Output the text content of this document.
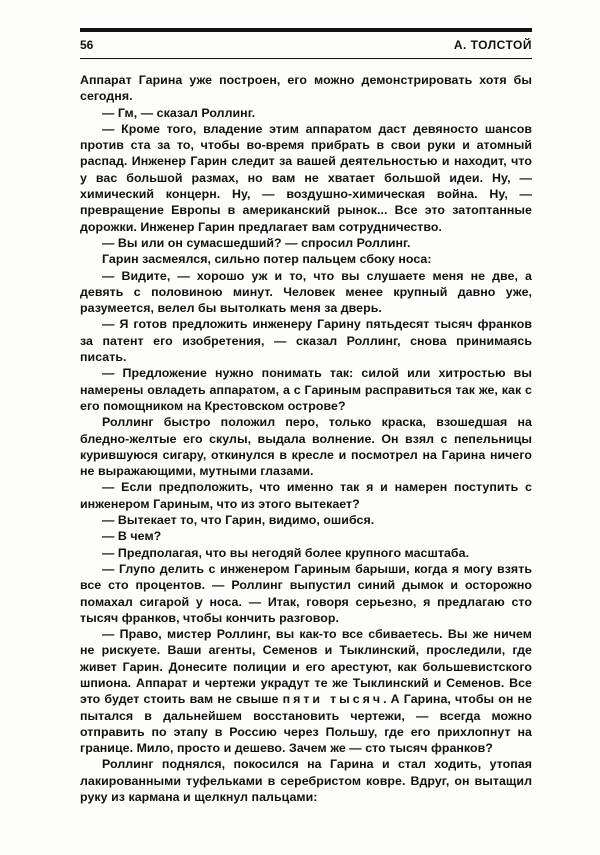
56	А. ТОЛСТОЙ

Аппарат Гарина уже построен, его можно демонстрировать хотя бы сегодня.

— Гм, — сказал Роллинг.

— Кроме того, владение этим аппаратом даст девяносто шансов против ста за то, чтобы во-время прибрать в свои руки и атомный распад. Инженер Гарин следит за вашей деятельностью и находит, что у вас большой размах, но вам не хватает большой идеи. Ну, — химический концерн. Ну, — воздушно-химическая война. Ну, — превращение Европы в американский рынок... Все это затоптанные дорожки. Инженер Гарин предлагает вам сотрудничество.

— Вы или он сумасшедший? — спросил Роллинг.

Гарин засмеялся, сильно потер пальцем сбоку носа:

— Видите, — хорошо уж и то, что вы слушаете меня не две, а девять с половиною минут. Человек менее крупный давно уже, разумеется, велел бы вытолкать меня за дверь.

— Я готов предложить инженеру Гарину пятьдесят тысяч франков за патент его изобретения, — сказал Роллинг, снова принимаясь писать.

— Предложение нужно понимать так: силой или хитростью вы намерены овладеть аппаратом, а с Гариным расправиться так же, как с его помощником на Крестовском острове?

Роллинг быстро положил перо, только краска, взошедшая на бледно-желтые его скулы, выдала волнение. Он взял с пепельницы курившуюся сигару, откинулся в кресле и посмотрел на Гарина ничего не выражающими, мутными глазами.

— Если предположить, что именно так я и намерен поступить с инженером Гариным, что из этого вытекает?

— Вытекает то, что Гарин, видимо, ошибся.

— В чем?

— Предполагая, что вы негодяй более крупного масштаба.

— Глупо делить с инженером Гариным барыши, когда я могу взять все сто процентов. — Роллинг выпустил синий дымок и осторожно помахал сигарой у носа. — Итак, говоря серьезно, я предлагаю сто тысяч франков, чтобы кончить разговор.

— Право, мистер Роллинг, вы как-то все сбиваетесь. Вы же ничем не рискуете. Ваши агенты, Семенов и Тыклинский, проследили, где живет Гарин. Донесите полиции и его арестуют, как большевистского шпиона. Аппарат и чертежи украдут те же Тыклинский и Семенов. Все это будет стоить вам не свыше пяти тысяч. А Гарина, чтобы он не пытался в дальнейшем восстановить чертежи, — всегда можно отправить по этапу в Россию через Польшу, где его прихлопнут на границе. Мило, просто и дешево. Зачем же — сто тысяч франков?

Роллинг поднялся, покосился на Гарина и стал ходить, утопая лакированными туфельками в серебристом ковре. Вдруг, он вытащил руку из кармана и щелкнул пальцами:
